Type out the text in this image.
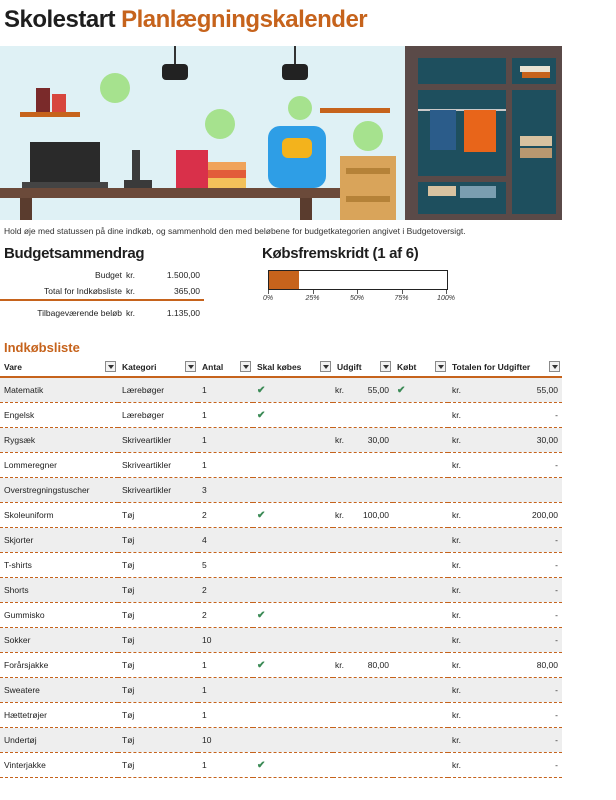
Skolestart Planlægningskalender
Hold øje med statussen på dine indkøb, og sammenhold den med beløbene for budgetkategorien angivet i Budgetoversigt.
Budgetsammendrag
Budget kr.	1.500,00
Total for Indkøbsliste kr.	365,00
Tilbageværende beløb kr.	1.135,00
Købsfremskridt (1 af 6)
0%	25%	50%	75%	100%
Indkøbsliste
Vare	Kategori	Antal	Skal købes	Udgift	Købt	Totalen for Udgifter

Matematik	Lærebøger	1	✔	kr. 55,00	✔	kr. 55,00

Engelsk	Lærebøger	1	✔			kr. -

Rygsæk	Skriveartikler	1		kr. 30,00		kr. 30,00

Lommeregner	Skriveartikler	1				kr. -

Overstregningstuscher	Skriveartikler	3		

Skoleuniform	Tøj	2	✔	kr. 100,00		kr. 200,00

Skjorter	Tøj	4				kr. -

T-shirts	Tøj	5				kr. -

Shorts	Tøj	2				kr. -

Gummisko	Tøj	2	✔			kr. -

Sokker	Tøj	10				kr. -

Forårsjakke	Tøj	1	✔	kr. 80,00		kr. 80,00

Sweatere	Tøj	1				kr. -

Hættetrøjer	Tøj	1				kr. -

Undertøj	Tøj	10				kr. -

Vinterjakke	Tøj	1	✔			kr. -
